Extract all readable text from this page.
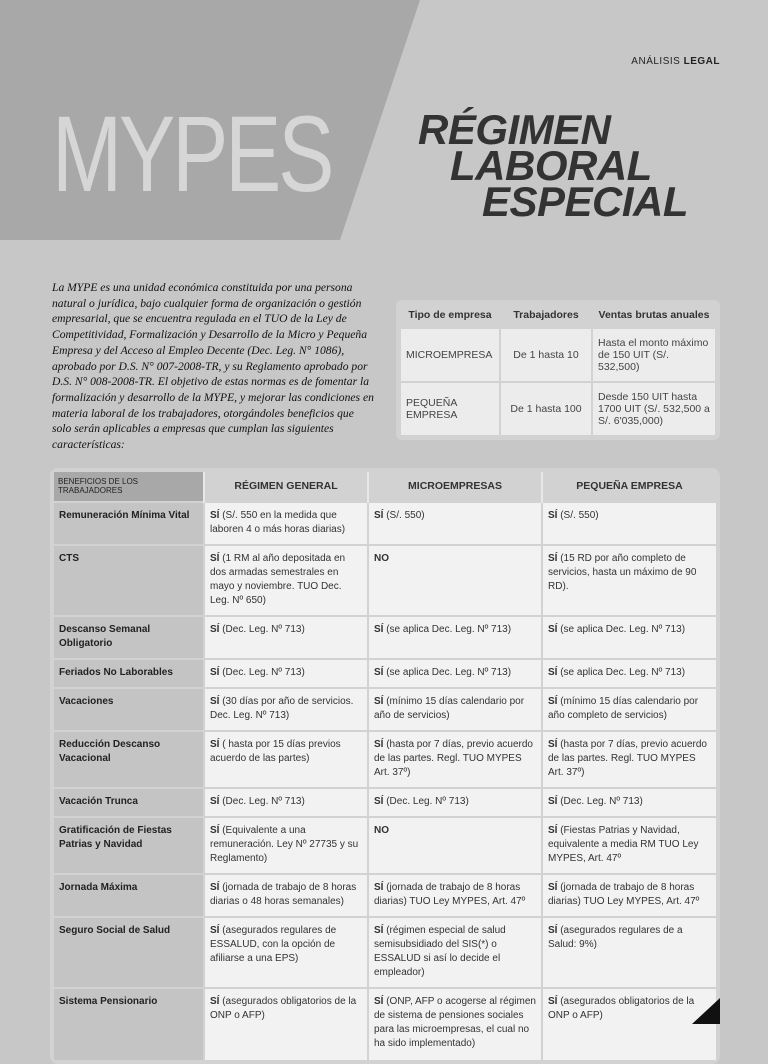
ANÁLISIS LEGAL
MYPES RÉGIMEN
LABORAL
ESPECIAL

La MYPE es una unidad económica constituida por una persona natural o jurídica, bajo cualquier forma de organización o gestión empresarial, que se encuentra regulada en el TUO de la Ley de Competitividad, Formalización y Desarrollo de la Micro y Pequeña Empresa y del Acceso al Empleo Decente (Dec. Leg. N° 1086), aprobado por D.S. N° 007-2008-TR, y su Reglamento aprobado por D.S. N° 008-2008-TR. El objetivo de estas normas es de fomentar la formalización y desarrollo de la MYPE, y mejorar las condiciones en materia laboral de los trabajadores, otorgándoles beneficios que solo serán aplicables a empresas que cumplan las siguientes características:

Tipo de empresa	Trabajadores	Ventas brutas anuales
MICROEMPRESA	De 1 hasta 10	Hasta el monto máximo de 150 UIT (S/. 532,500)
PEQUEÑA EMPRESA	De 1 hasta 100	Desde 150 UIT hasta 1700 UIT (S/. 532,500 a S/. 6'035,000)
BENEFICIOS DE LOS TRABAJADORES	RÉGIMEN GENERAL	MICROEMPRESAS	PEQUEÑA EMPRESA
Remuneración Mínima Vital	SÍ (S/. 550 en la medida que laboren 4 o más horas diarias)	SÍ (S/. 550)	SÍ (S/. 550)
CTS	SÍ (1 RM al año depositada en dos armadas semestrales en mayo y noviembre. TUO Dec. Leg. Nº 650)	NO	SÍ (15 RD por año completo de servicios, hasta un máximo de 90 RD).
Descanso Semanal Obligatorio	SÍ (Dec. Leg. Nº 713)	SÍ (se aplica Dec. Leg. Nº 713)	SÍ (se aplica Dec. Leg. Nº 713)
Feriados No Laborables	SÍ (Dec. Leg. Nº 713)	SÍ (se aplica Dec. Leg. Nº 713)	SÍ (se aplica Dec. Leg. Nº 713)
Vacaciones	SÍ (30 días por año de servicios. Dec. Leg. Nº 713)	SÍ (mínimo 15 días calendario por año de servicios)	SÍ (mínimo 15 días calendario por año completo de servicios)
Reducción Descanso Vacacional	SÍ ( hasta por 15 días previos acuerdo de las partes)	SÍ (hasta por 7 días, previo acuerdo de las partes. Regl. TUO MYPES Art. 37º)	SÍ (hasta por 7 días, previo acuerdo de las partes. Regl. TUO MYPES Art. 37º)
Vacación Trunca	SÍ (Dec. Leg. Nº 713)	SÍ (Dec. Leg. Nº 713)	SÍ (Dec. Leg. Nº 713)
Gratificación de Fiestas Patrias y Navidad	SÍ (Equivalente a una remuneración. Ley Nº 27735 y su Reglamento)	NO	SÍ (Fiestas Patrias y Navidad, equivalente a media RM TUO Ley MYPES, Art. 47º
Jornada Máxima	SÍ (jornada de trabajo de 8 horas diarias o 48 horas semanales)	SÍ (jornada de trabajo de 8 horas diarias) TUO Ley MYPES, Art. 47º	SÍ (jornada de trabajo de 8 horas diarias) TUO Ley MYPES, Art. 47º
Seguro Social de Salud	SÍ (asegurados regulares de ESSALUD, con la opción de afiliarse a una EPS)	SÍ (régimen especial de salud semisubsidiado del SIS(*) o ESSALUD si así lo decide el empleador)	SÍ (asegurados regulares de a Salud: 9%)
Sistema Pensionario	SÍ (asegurados obligatorios de la ONP o AFP)	SÍ (ONP, AFP o acogerse al régimen de sistema de pensiones sociales para las microempresas, el cual no ha sido implementado)	SÍ (asegurados obligatorios de la ONP o AFP)
